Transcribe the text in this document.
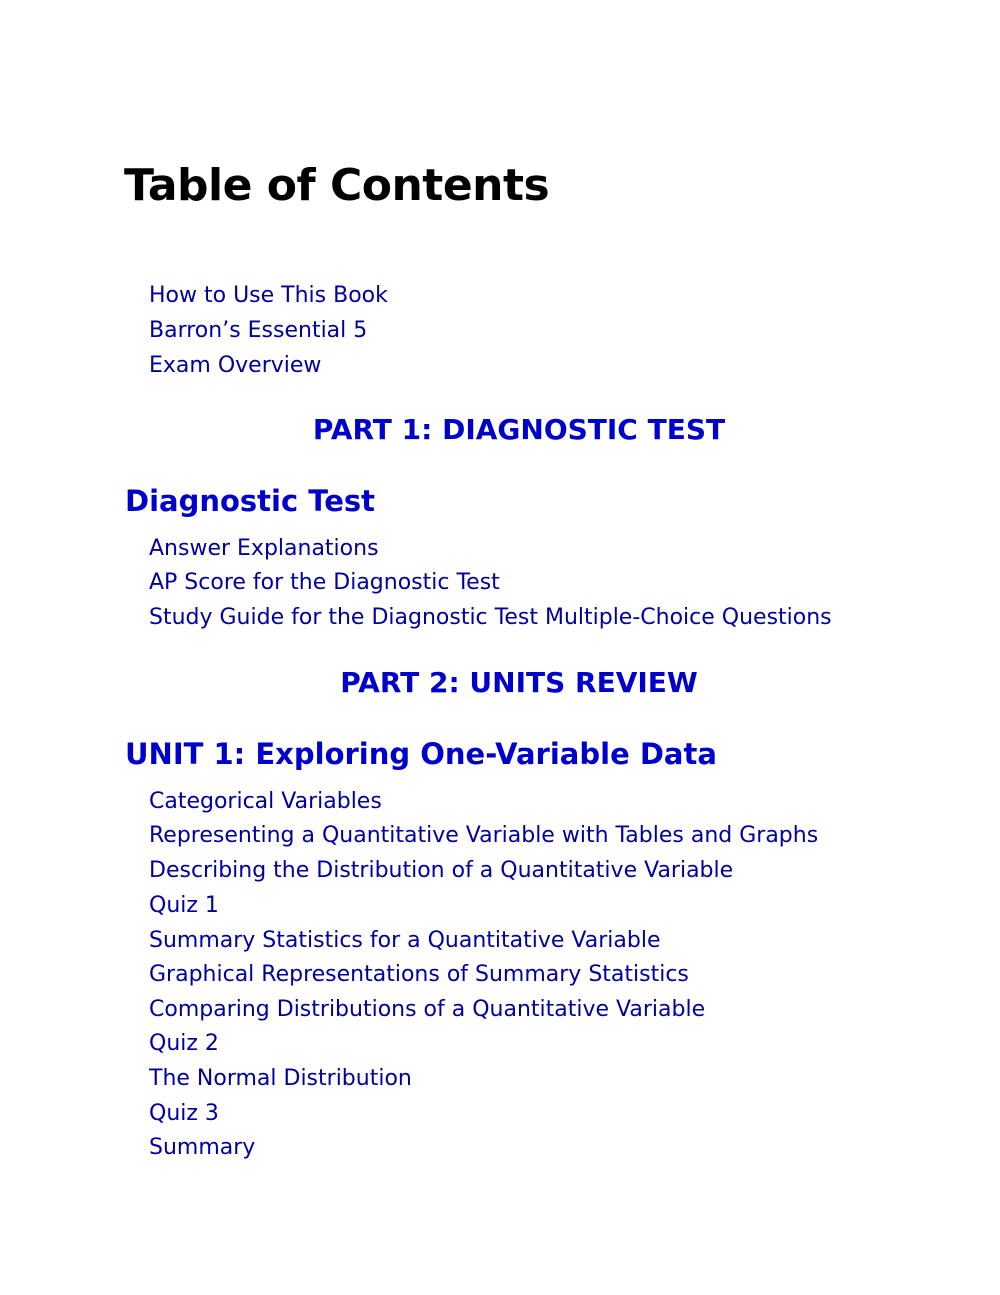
Table of Contents
How to Use This Book
Barron’s Essential 5
Exam Overview
PART 1: DIAGNOSTIC TEST
Diagnostic Test
Answer Explanations
AP Score for the Diagnostic Test
Study Guide for the Diagnostic Test Multiple-Choice Questions
PART 2: UNITS REVIEW
UNIT 1: Exploring One-Variable Data
Categorical Variables
Representing a Quantitative Variable with Tables and Graphs
Describing the Distribution of a Quantitative Variable
Quiz 1
Summary Statistics for a Quantitative Variable
Graphical Representations of Summary Statistics
Comparing Distributions of a Quantitative Variable
Quiz 2
The Normal Distribution
Quiz 3
Summary
